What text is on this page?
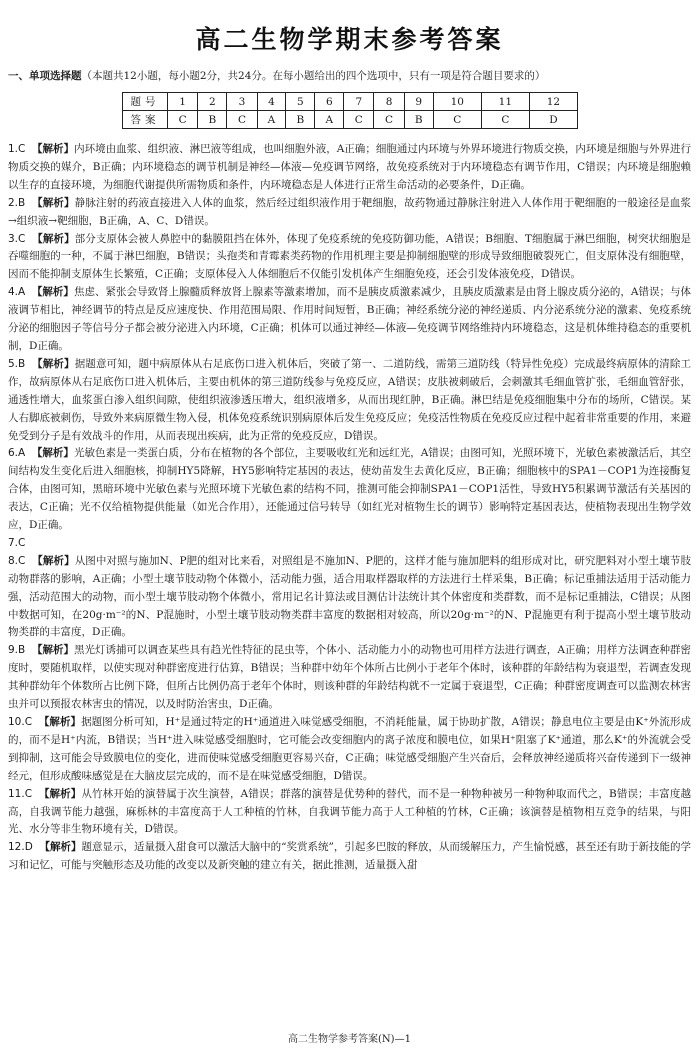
高二生物学期末参考答案
一、单项选择题（本题共12小题，每小题2分，共24分。在每小题给出的四个选项中，只有一项是符合题目要求的）
题号	1	2	3	4	5	6	7	8	9	10	11	12
答案	C	B	C	A	B	A	C	C	B	C	C	D

1.C 【解析】内环境由血浆、组织液、淋巴液等组成，也叫细胞外液，A正确；细胞通过内环境与外界环境进行物质交换，内环境是细胞与外界进行物质交换的媒介，B正确；内环境稳态的调节机制是神经—体液—免疫调节网络，故免疫系统对于内环境稳态有调节作用，C错误；内环境是细胞赖以生存的直接环境，为细胞代谢提供所需物质和条件，内环境稳态是人体进行正常生命活动的必要条件，D正确。

2.B 【解析】静脉注射的药液直接进入人体的血浆，然后经过组织液作用于靶细胞，故药物通过静脉注射进入人体作用于靶细胞的一般途径是血浆→组织液→靶细胞，B正确，A、C、D错误。

3.C 【解析】部分支原体会被人鼻腔中的黏膜阻挡在体外，体现了免疫系统的免疫防御功能，A错误；B细胞、T细胞属于淋巴细胞，树突状细胞是吞噬细胞的一种，不属于淋巴细胞，B错误；头孢类和青霉素类药物的作用机理主要是抑制细胞壁的形成导致细胞破裂死亡，但支原体没有细胞壁，因而不能抑制支原体生长繁殖，C正确；支原体侵入人体细胞后不仅能引发机体产生细胞免疫，还会引发体液免疫，D错误。

4.A 【解析】焦虑、紧张会导致肾上腺髓质释放肾上腺素等激素增加，而不是胰皮质激素减少，且胰皮质激素是由肾上腺皮质分泌的，A错误；与体液调节相比，神经调节的特点是反应速度快、作用范围局限、作用时间短暂，B正确；神经系统分泌的神经递质、内分泌系统分泌的激素、免疫系统分泌的细胞因子等信号分子都会被分泌进入内环境，C正确；机体可以通过神经—体液—免疫调节网络维持内环境稳态，这是机体维持稳态的重要机制，D正确。

5.B 【解析】据题意可知，题中病原体从右足底伤口进入机体后，突破了第一、二道防线，需第三道防线（特异性免疫）完成最终病原体的清除工作，故病原体从右足底伤口进入机体后，主要由机体的第三道防线参与免疫反应，A错误；皮肤被刺破后，会刺激其毛细血管扩张，毛细血管舒张，通透性增大，血浆蛋白渗入组织间隙，使组织液渗透压增大，组织液增多，从而出现红肿，B正确。淋巴结是免疫细胞集中分布的场所，C错误。某人右脚底被刺伤，导致外来病原微生物入侵，机体免疫系统识别病原体后发生免疫反应；免疫活性物质在免疫反应过程中起着非常重要的作用，来避免受到分子是有效战斗的作用，从而表现出疾病，此为正常的免疫反应，D错误。

6.A 【解析】光敏色素是一类蛋白质，分布在植物的各个部位，主要吸收红光和远红光，A错误；由图可知，光照环境下，光敏色素被激活后，其空间结构发生变化后进入细胞核，抑制HY5降解，HY5影响特定基因的表达，使幼苗发生去黄化反应，B正确；细胞核中的SPA1－COP1为连接酶复合体，由图可知，黑暗环境中光敏色素与光照环境下光敏色素的结构不同，推测可能会抑制SPA1－COP1活性，导致HY5积累调节激活有关基因的表达，C正确；光不仅给植物提供能量（如光合作用），还能通过信号转导（如红光对植物生长的调节）影响特定基因表达，使植物表现出生物学效应，D正确。

7.C

8.C 【解析】从图中对照与施加N、P肥的组对比来看，对照组是不施加N、P肥的，这样才能与施加肥料的组形成对比，研究肥料对小型土壤节肢动物群落的影响，A正确；小型土壤节肢动物个体微小，活动能力强，适合用取样器取样的方法进行土样采集，B正确；标记重捕法适用于活动能力强，活动范围大的动物，而小型土壤节肢动物个体微小，常用记名计算法或目测估计法统计其个体密度和类群数，而不是标记重捕法，C错误；从图中数据可知，在20g·m⁻²的N、P混施时，小型土壤节肢动物类群丰富度的数据相对较高，所以20g·m⁻²的N、P混施更有利于提高小型土壤节肢动物类群的丰富度，D正确。

9.B 【解析】黑光灯诱捕可以调查某些具有趋光性特征的昆虫等，个体小、活动能力小的动物也可用样方法进行调查，A正确；用样方法调查种群密度时，要随机取样，以使实现对种群密度进行估算，B错误；当种群中幼年个体所占比例小于老年个体时，该种群的年龄结构为衰退型，若调查发现其种群幼年个体数所占比例下降，但所占比例仍高于老年个体时，则该种群的年龄结构就不一定属于衰退型，C正确；种群密度调查可以监测农林害虫并可以预报农林害虫的情况，以及时防治害虫，D正确。

10.C 【解析】据题图分析可知，H⁺是通过特定的H⁺通道进入味觉感受细胞，不消耗能量，属于协助扩散，A错误；静息电位主要是由K⁺外流形成的，而不是H⁺内流，B错误；当H⁺进入味觉感受细胞时，它可能会改变细胞内的离子浓度和膜电位，如果H⁺阻塞了K⁺通道，那么K⁺的外流就会受到抑制，这可能会导致膜电位的变化，进而使味觉感受细胞更容易兴奋，C正确；味觉感受细胞产生兴奋后，会释放神经递质将兴奋传递到下一级神经元，但形成酸味感觉是在大脑皮层完成的，而不是在味觉感受细胞，D错误。

11.C 【解析】从竹林开始的演替属于次生演替，A错误；群落的演替是优势种的替代，而不是一种物种被另一种物种取而代之，B错误；丰富度越高，自我调节能力越强，麻栎林的丰富度高于人工种植的竹林，自我调节能力高于人工种植的竹林，C正确；该演替是植物相互竞争的结果，与阳光、水分等非生物环境有关，D错误。

12.D 【解析】题意显示，适量摄入甜食可以激活大脑中的“奖赏系统”，引起多巴胺的释放，从而缓解压力，产生愉悦感，甚至还有助于新技能的学习和记忆，可能与突触形态及功能的改变以及新突触的建立有关，据此推测，适量摄入甜

高二生物学参考答案(N)—1
